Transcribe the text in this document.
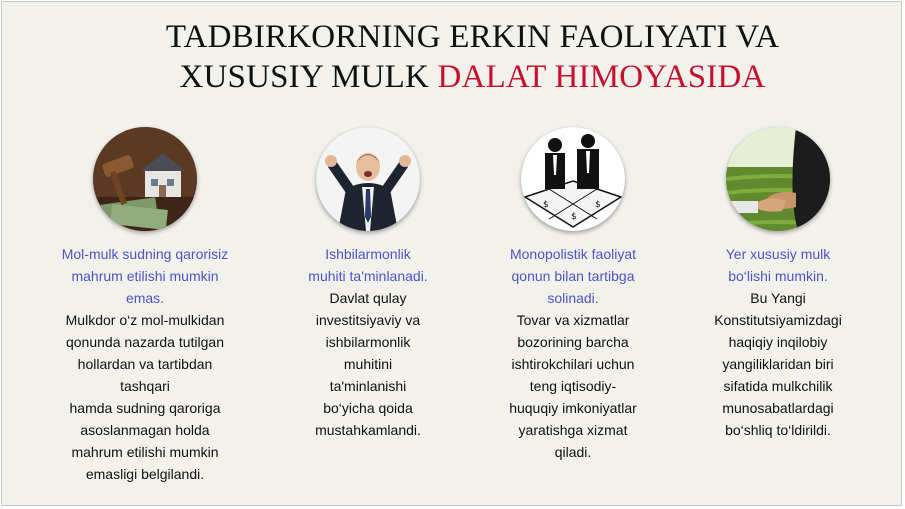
TADBIRKORNING ERKIN FAOLIYATI VA
XUSUSIY MULK DALAT HIMOYASIDA
Mol-mulk sudning qarorisiz
mahrum etilishi mumkin
emas.
Mulkdor o‘z mol-mulkidan
qonunda nazarda tutilgan
hollardan va tartibdan
tashqari
hamda sudning qaroriga
asoslanmagan holda
mahrum etilishi mumkin
emasligi belgilandi.
Ishbilarmonlik
muhiti ta'minlanadi.
Davlat qulay
investitsiyaviy va
ishbilarmonlik
muhitini
ta'minlanishi
bo‘yicha qoida
mustahkamlandi.
$	$
$
Monopolistik faoliyat
qonun bilan tartibga
solinadi.
Tovar va xizmatlar
bozorining barcha
ishtirokchilari uchun
teng iqtisodiy-
huquqiy imkoniyatlar
yaratishga xizmat
qiladi.
Yer xususiy mulk
bo‘lishi mumkin.
Bu Yangi
Konstitutsiyamizdagi
haqiqiy inqilobiy
yangiliklaridan biri
sifatida mulkchilik
munosabatlardagi
bo‘shliq to‘ldirildi.
